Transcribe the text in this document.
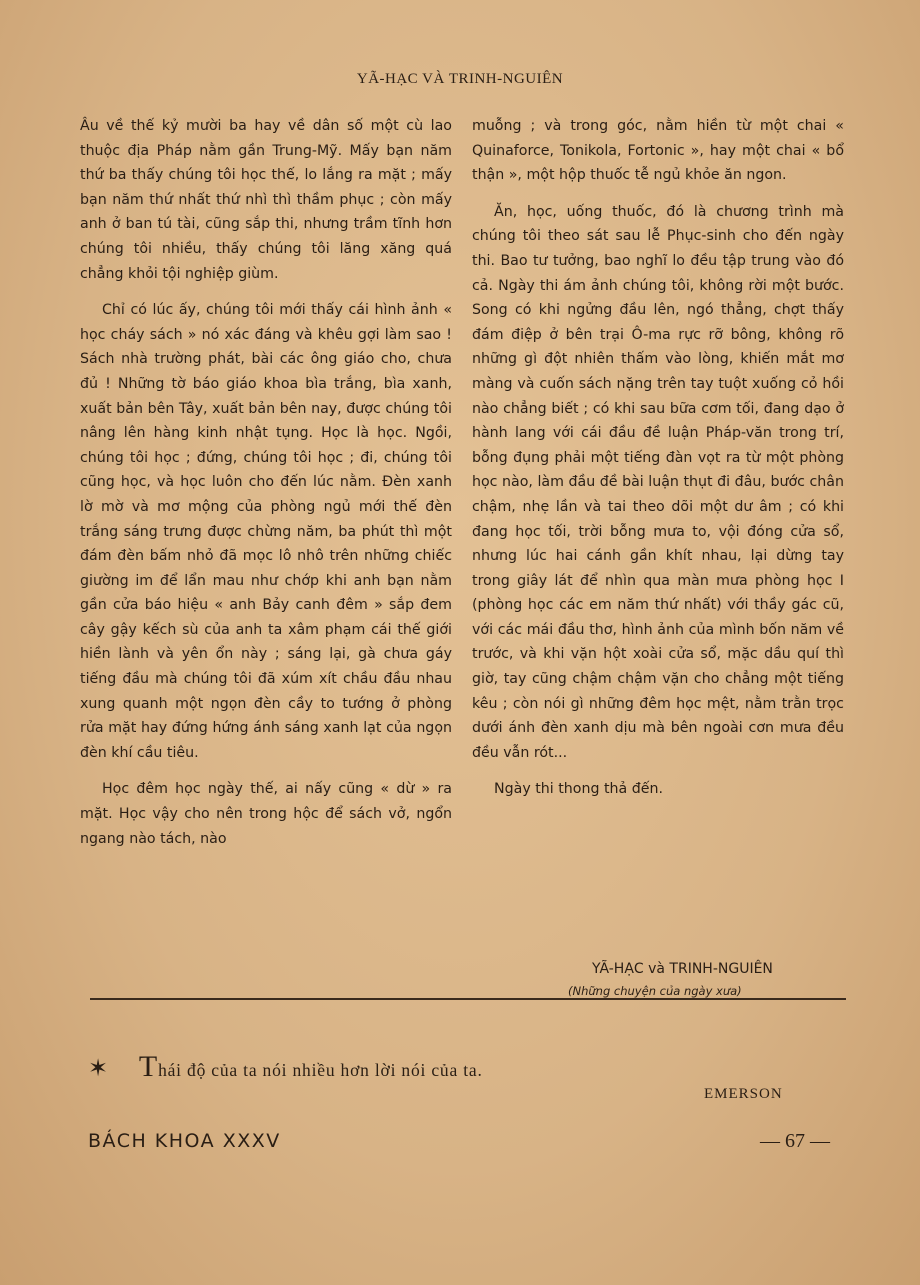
YÃ-HẠC VÀ TRINH-NGUIÊN

Âu về thế kỷ mười ba hay về dân số một cù lao thuộc địa Pháp nằm gần Trung-Mỹ. Mấy bạn năm thứ ba thấy chúng tôi học thế, lo lắng ra mặt ; mấy bạn năm thứ nhất thứ nhì thì thầm phục ; còn mấy anh ở ban tú tài, cũng sắp thi, nhưng trầm tĩnh hơn chúng tôi nhiều, thấy chúng tôi lăng xăng quá chẳng khỏi tội nghiệp giùm.

Chỉ có lúc ấy, chúng tôi mới thấy cái hình ảnh « học cháy sách » nó xác đáng và khêu gợi làm sao ! Sách nhà trường phát, bài các ông giáo cho, chưa đủ ! Những tờ báo giáo khoa bìa trắng, bìa xanh, xuất bản bên Tây, xuất bản bên nay, được chúng tôi nâng lên hàng kinh nhật tụng. Học là học. Ngồi, chúng tôi học ; đứng, chúng tôi học ; đi, chúng tôi cũng học, và học luôn cho đến lúc nằm. Đèn xanh lờ mờ và mơ mộng của phòng ngủ mới thế đèn trắng sáng trưng được chừng năm, ba phút thì một đám đèn bấm nhỏ đã mọc lô nhô trên những chiếc giường im để lẩn mau như chớp khi anh bạn nằm gần cửa báo hiệu « anh Bảy canh đêm » sắp đem cây gậy kếch sù của anh ta xâm phạm cái thế giới hiền lành và yên ổn này ; sáng lại, gà chưa gáy tiếng đầu mà chúng tôi đã xúm xít chầu đầu nhau xung quanh một ngọn đèn cầy to tướng ở phòng rửa mặt hay đứng hứng ánh sáng xanh lạt của ngọn đèn khí cầu tiêu.

Học đêm học ngày thế, ai nấy cũng « dừ » ra mặt. Học vậy cho nên trong hộc để sách vở, ngổn ngang nào tách, nào

muỗng ; và trong góc, nằm hiền từ một chai « Quinaforce, Tonikola, Fortonic », hay một chai « bổ thận », một hộp thuốc tễ ngủ khỏe ăn ngon.

Ăn, học, uống thuốc, đó là chương trình mà chúng tôi theo sát sau lễ Phục-sinh cho đến ngày thi. Bao tư tưởng, bao nghĩ lo đều tập trung vào đó cả. Ngày thi ám ảnh chúng tôi, không rời một bước. Song có khi ngửng đầu lên, ngó thẳng, chợt thấy đám điệp ở bên trại Ô-ma rực rỡ bông, không rõ những gì đột nhiên thấm vào lòng, khiến mắt mơ màng và cuốn sách nặng trên tay tuột xuống cỏ hồi nào chẳng biết ; có khi sau bữa cơm tối, đang dạo ở hành lang với cái đầu đề luận Pháp-văn trong trí, bỗng đụng phải một tiếng đàn vọt ra từ một phòng học nào, làm đầu đề bài luận thụt đi đâu, bước chân chậm, nhẹ lần và tai theo dõi một dư âm ; có khi đang học tối, trời bỗng mưa to, vội đóng cửa sổ, nhưng lúc hai cánh gần khít nhau, lại dừng tay trong giây lát để nhìn qua màn mưa phòng học I (phòng học các em năm thứ nhất) với thầy gác cũ, với các mái đầu thơ, hình ảnh của mình bốn năm về trước, và khi vặn hột xoài cửa sổ, mặc dầu quí thì giờ, tay cũng chậm chậm vặn cho chẳng một tiếng kêu ; còn nói gì những đêm học mệt, nằm trằn trọc dưới ánh đèn xanh dịu mà bên ngoài cơn mưa đều đều vẫn rót...

Ngày thi thong thả đến.

YÃ-HẠC và TRINH-NGUIÊN
(Những chuyện của ngày xưa)
✶ Thái độ của ta nói nhiều hơn lời nói của ta.
EMERSON
BÁCH KHOA XXXV	— 67 —
